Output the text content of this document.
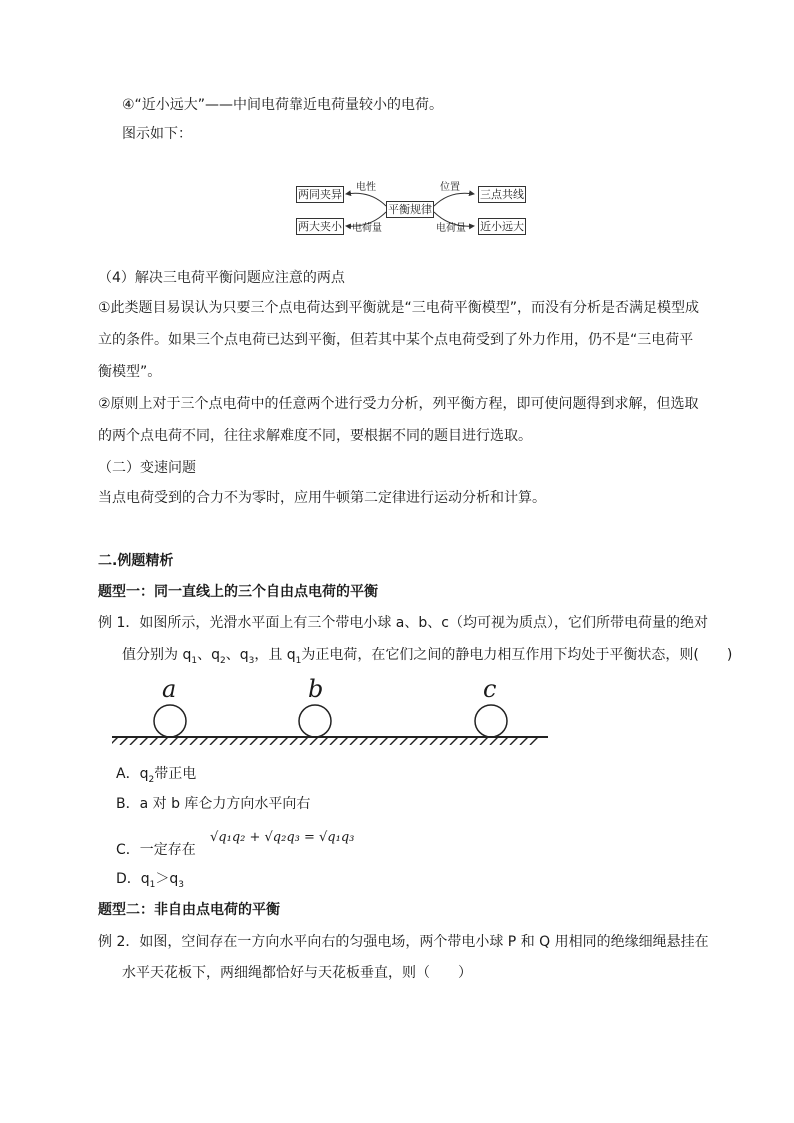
④“近小远大”——中间电荷靠近电荷量较小的电荷。
图示如下：
两同夹异
两大夹小
平衡规律
三点共线
近小远大
电性
电荷量
位置
电荷量
（4）解决三电荷平衡问题应注意的两点
①此类题目易误认为只要三个点电荷达到平衡就是“三电荷平衡模型”，而没有分析是否满足模型成
立的条件。如果三个点电荷已达到平衡，但若其中某个点电荷受到了外力作用，仍不是“三电荷平
衡模型”。
②原则上对于三个点电荷中的任意两个进行受力分析，列平衡方程，即可使问题得到求解，但选取
的两个点电荷不同，往往求解难度不同，要根据不同的题目进行选取。
（二）变速问题
当点电荷受到的合力不为零时，应用牛顿第二定律进行运动分析和计算。
二.例题精析
题型一：同一直线上的三个自由点电荷的平衡
例 1．如图所示，光滑水平面上有三个带电小球 a、b、c（均可视为质点），它们所带电荷量的绝对
值分别为 $q_1$、$q_2$、$q_3$，且 $q_1$为正电荷，在它们之间的静电力相互作用下均处于平衡状态，则(　　)
a	b	c
A．$q_2$带正电
B．a 对 b 库仑力方向水平向右
C．一定存在
√q₁q₂ + √q₂q₃ = √q₁q₃
D．$q_1>q_3$
题型二：非自由点电荷的平衡
例 2．如图，空间存在一方向水平向右的匀强电场，两个带电小球 P 和 Q 用相同的绝缘细绳悬挂在
水平天花板下，两细绳都恰好与天花板垂直，则（　　）
